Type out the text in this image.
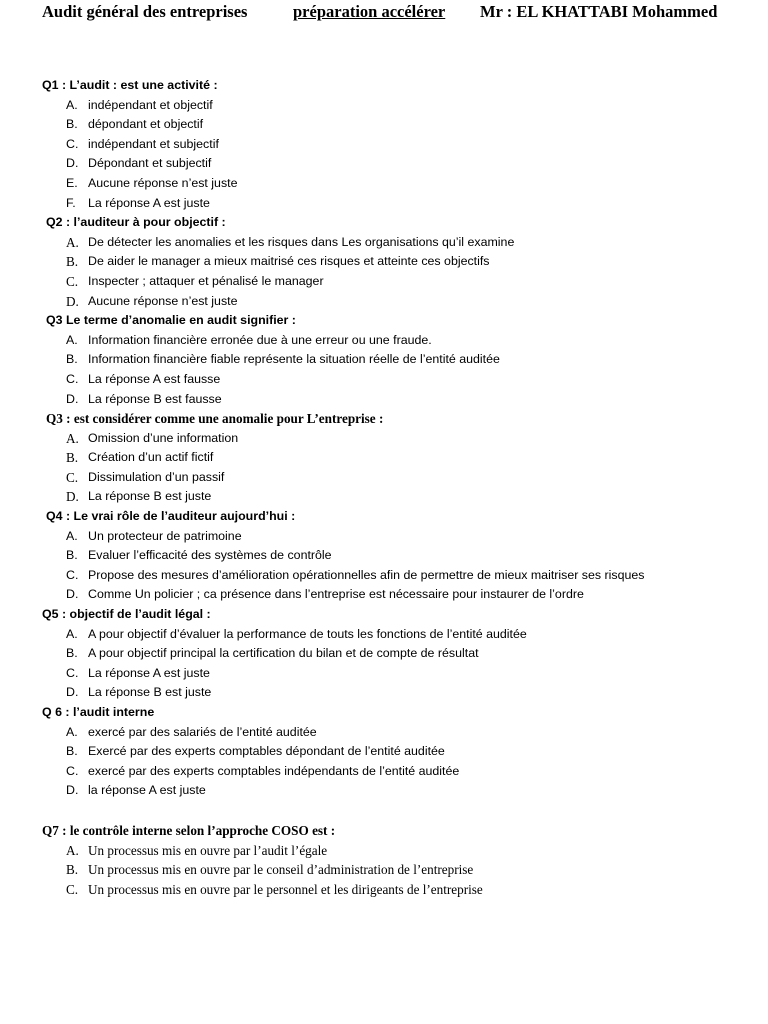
Audit général des entreprises	préparation accélérer Mr : EL KHATTABI Mohammed
Q1 : L’audit : est une activité :
A. indépendant et objectif
B. dépondant et objectif
C. indépendant et subjectif
D. Dépondant et subjectif
E. Aucune réponse n’est juste
F. La réponse A est juste
Q2 : l’auditeur à pour objectif :
A. De détecter les anomalies et les risques dans Les organisations qu’il examine
B. De aider le manager a mieux maitrisé ces risques et atteinte ces objectifs
C. Inspecter ; attaquer et pénalisé le manager
D. Aucune réponse n’est juste
Q3 Le terme d’anomalie en audit signifier :
A. Information financière erronée due à une erreur ou une fraude.
B. Information financière fiable représente la situation réelle de l’entité auditée
C. La réponse A est fausse
D. La réponse B est fausse
Q3 : est considérer comme une anomalie pour L’entreprise :
A. Omission d’une information
B. Création d’un actif fictif
C. Dissimulation d’un passif
D. La réponse B est juste
Q4 : Le vrai rôle de l’auditeur aujourd’hui :
A. Un protecteur de patrimoine
B. Evaluer l’efficacité des systèmes de contrôle
C. Propose des mesures d’amélioration opérationnelles afin de permettre de mieux maitriser ses risques
D. Comme Un policier ; ca présence dans l’entreprise est nécessaire pour instaurer de l’ordre
Q5 : objectif de l’audit légal :
A. A pour objectif d’évaluer la performance de touts les fonctions de l’entité auditée
B. A pour objectif principal la certification du bilan et de compte de résultat
C. La réponse A est juste
D. La réponse B est juste
Q 6 : l’audit interne
A. exercé par des salariés de l’entité auditée
B. Exercé par des experts comptables dépondant de l’entité auditée
C. exercé par des experts comptables indépendants de l’entité auditée
D. la réponse A est juste
Q7 : le contrôle interne selon l’approche COSO est :
A. Un processus mis en ouvre par l’audit l’égale
B. Un processus mis en ouvre par le conseil d’administration de l’entreprise
C. Un processus mis en ouvre par le personnel et les dirigeants de l’entreprise
